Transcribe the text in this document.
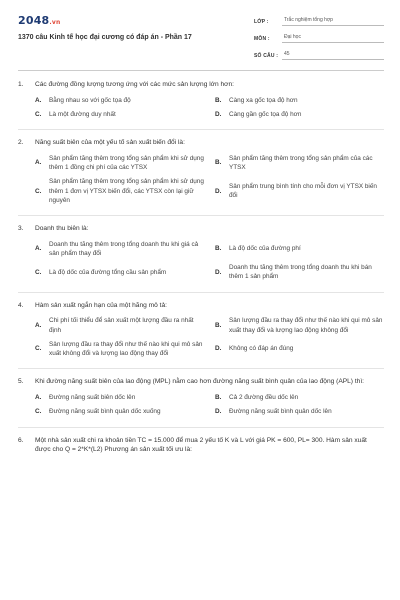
2048.vn
1370 câu Kinh tế học đại cương có đáp án - Phần 17
LỚP :	Trắc nghiệm tổng hợp
MÔN :	Đại học
SỐ CÂU :	45
1.	Các đường đồng lượng tương ứng với các mức sản lượng lớn hơn:
A.	Bằng nhau so với gốc tọa độ	B.	Càng xa gốc tọa độ hơn
C.	Là một đường duy nhất	D.	Càng gần gốc tọa độ hơn
2.	Năng suất biên của một yếu tố sản xuất biến đổi là:
A.
Sản phẩm tăng thêm trong tổng sản phẩm khi sử dụng thêm 1 đồng chi phí của các YTSX
B.
Sản phẩm tăng thêm trong tổng sản phẩm của các YTSX
C.
Sản phẩm tăng thêm trong tổng sản phẩm khi sử dụng thêm 1 đơn vị YTSX biến đổi, các YTSX còn lại giữ nguyên
D.
Sản phẩm trung bình tính cho mỗi đơn vị YTSX biến đổi
3.	Doanh thu biên là:
A.
Doanh thu tăng thêm trong tổng doanh thu khi giá cả sản phẩm thay đổi
B.	Là độ dốc của đường phí
C.	Là độ dốc của đường tổng cầu sản phẩm	D.
Doanh thu tăng thêm trong tổng doanh thu khi bán thêm 1 sản phẩm
4.	Hàm sản xuất ngắn hạn của một hãng mô tả:
A.
Chi phí tối thiểu để sản xuất một lượng đầu ra nhất định
B.
Sản lượng đầu ra thay đổi như thế nào khi qui mô sản xuất thay đổi và lượng lao động không đổi
C.
Sản lượng đầu ra thay đổi như thế nào khi qui mô sản xuất không đổi và lượng lao động thay đổi
D.	Không có đáp án đúng
5.	Khi đường năng suất biên của lao động (MPL) nằm cao hơn đường năng suất bình quân của lao động (APL) thì:
A.	Đường năng suất biên dốc lên	B.	Cả 2 đường đều dốc lên
C.	Đường năng suất bình quân dốc xuống	D.	Đường năng suất bình quân dốc lên
6.	Một nhà sản xuất chi ra khoản tiền TC = 15.000 để mua 2 yếu tố K và L với giá PK = 600, PL= 300. Hàm sản xuất được cho Q = 2*K*(L2) Phương án sản xuất tối ưu là:
